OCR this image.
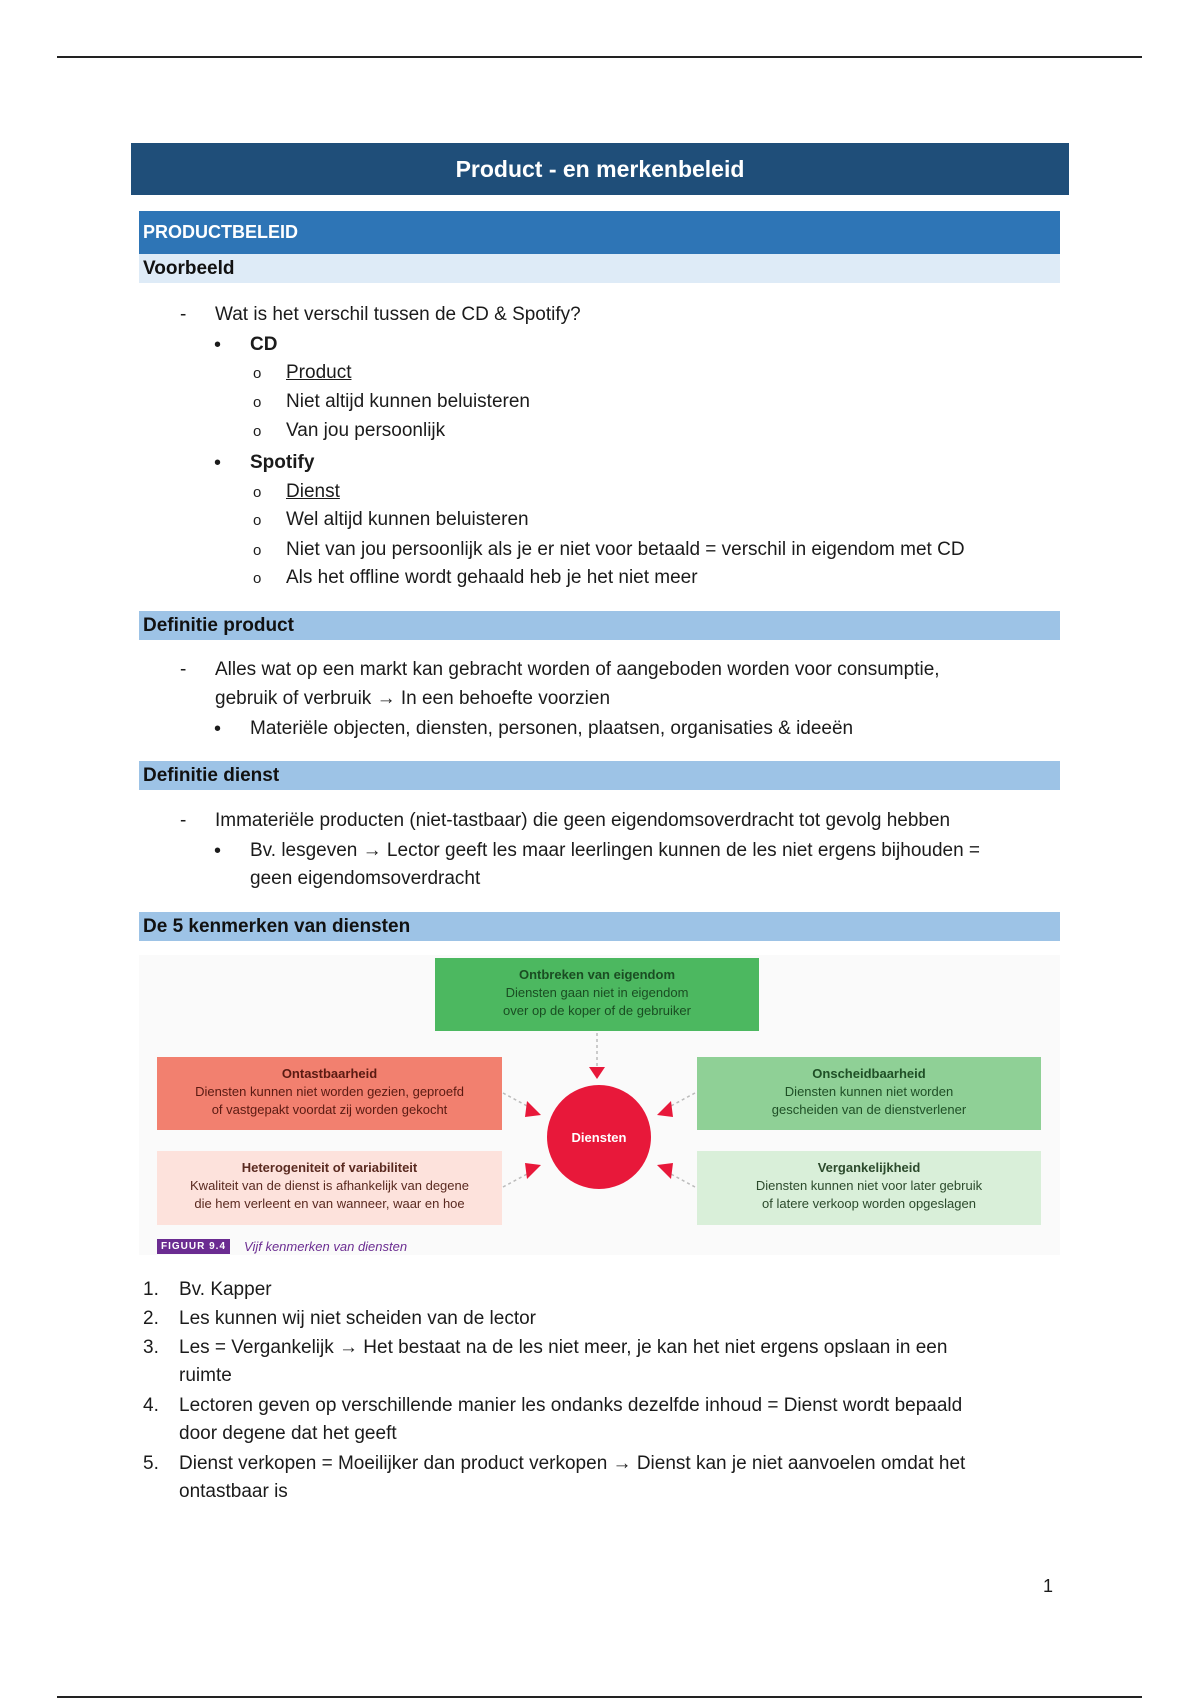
Product - en merkenbeleid
PRODUCTBELEID
Voorbeeld
- Wat is het verschil tussen de CD & Spotify?
• CD
o Product
o Niet altijd kunnen beluisteren
o Van jou persoonlijk
• Spotify
o Dienst
o Wel altijd kunnen beluisteren
o Niet van jou persoonlijk als je er niet voor betaald = verschil in eigendom met CD
o Als het offline wordt gehaald heb je het niet meer
Definitie product
- Alles wat op een markt kan gebracht worden of aangeboden worden voor consumptie,
gebruik of verbruik → In een behoefte voorzien
• Materiële objecten, diensten, personen, plaatsen, organisaties & ideeën
Definitie dienst
- Immateriële producten (niet-tastbaar) die geen eigendomsoverdracht tot gevolg hebben
• Bv. lesgeven → Lector geeft les maar leerlingen kunnen de les niet ergens bijhouden =
geen eigendomsoverdracht
De 5 kenmerken van diensten
Ontbreken van eigendom
Diensten gaan niet in eigendom
over op de koper of de gebruiker
Ontastbaarheid
Diensten kunnen niet worden gezien, geproefd
of vastgepakt voordat zij worden gekocht
Onscheidbaarheid
Diensten kunnen niet worden
gescheiden van de dienstverlener
Heterogeniteit of variabiliteit
Kwaliteit van de dienst is afhankelijk van degene
die hem verleent en van wanneer, waar en hoe
Vergankelijkheid
Diensten kunnen niet voor later gebruik
of latere verkoop worden opgeslagen
Diensten
FIGUUR 9.4	Vijf kenmerken van diensten
1. Bv. Kapper
2. Les kunnen wij niet scheiden van de lector
3. Les = Vergankelijk → Het bestaat na de les niet meer, je kan het niet ergens opslaan in een
ruimte
4. Lectoren geven op verschillende manier les ondanks dezelfde inhoud = Dienst wordt bepaald
door degene dat het geeft
5. Dienst verkopen = Moeilijker dan product verkopen → Dienst kan je niet aanvoelen omdat het
ontastbaar is
1
